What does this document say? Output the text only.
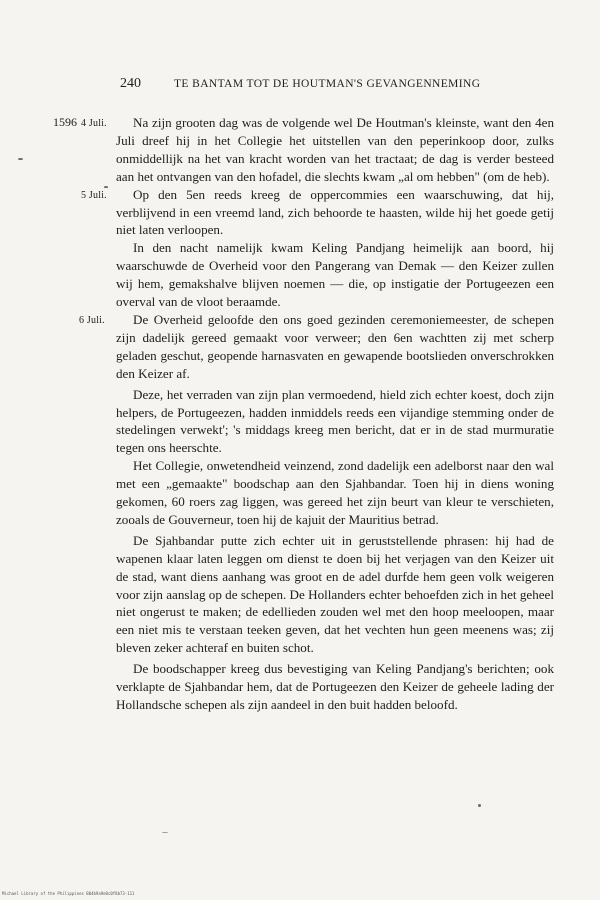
240	TE BANTAM TOT DE HOUTMAN'S GEVANGENNEMING

1596 4 Juli. Na zijn grooten dag was de volgende wel De Houtman's kleinste, want den 4en Juli dreef hij in het Collegie het uitstellen van den peperinkoop door, zulks onmiddellijk na het van kracht worden van het tractaat; de dag is verder besteed aan het ontvangen van den hofadel, die slechts kwam „al om hebben" (om de heb).

5 Juli. Op den 5en reeds kreeg de oppercommies een waarschuwing, dat hij, verblijvend in een vreemd land, zich behoorde te haasten, wilde hij het goede getij niet laten verloopen.

In den nacht namelijk kwam Keling Pandjang heimelijk aan boord, hij waarschuwde de Overheid voor den Pangerang van Demak — den Keizer zullen wij hem, gemakshalve blijven noemen — die, op instigatie der Portugeezen een overval van de vloot beraamde.

6 Juli. De Overheid geloofde den ons goed gezinden ceremoniemeester, de schepen zijn dadelijk gereed gemaakt voor verweer; den 6en wachtten zij met scherp geladen geschut, geopende harnasvaten en gewapende bootslieden onverschrokken den Keizer af.

Deze, het verraden van zijn plan vermoedend, hield zich echter koest, doch zijn helpers, de Portugeezen, hadden inmiddels reeds een vijandige stemming onder de stedelingen verwekt'; 's middags kreeg men bericht, dat er in de stad murmuratie tegen ons heerschte.

Het Collegie, onwetendheid veinzend, zond dadelijk een adelborst naar den wal met een „gemaakte" boodschap aan den Sjahbandar. Toen hij in diens woning gekomen, 60 roers zag liggen, was gereed het zijn beurt van kleur te verschieten, zooals de Gouverneur, toen hij de kajuit der Mauritius betrad.

De Sjahbandar putte zich echter uit in geruststellende phrasen: hij had de wapenen klaar laten leggen om dienst te doen bij het verjagen van den Keizer uit de stad, want diens aanhang was groot en de adel durfde hem geen volk weigeren voor zijn aanslag op de schepen. De Hollanders echter behoefden zich in het geheel niet ongerust te maken; de edellieden zouden wel met den hoop meeloopen, maar een niet mis te verstaan teeken geven, dat het vechten hun geen meenens was; zij bleven zeker achteraf en buiten schot.

De boodschapper kreeg dus bevestiging van Keling Pandjang's berichten; ook verklapte de Sjahbandar hem, dat de Portugeezen den Keizer de geheele lading der Hollandsche schepen als zijn aandeel in den buit hadden beloofd.

Michael Library of the Philippines B04b9a9e0c0f8b73-111
